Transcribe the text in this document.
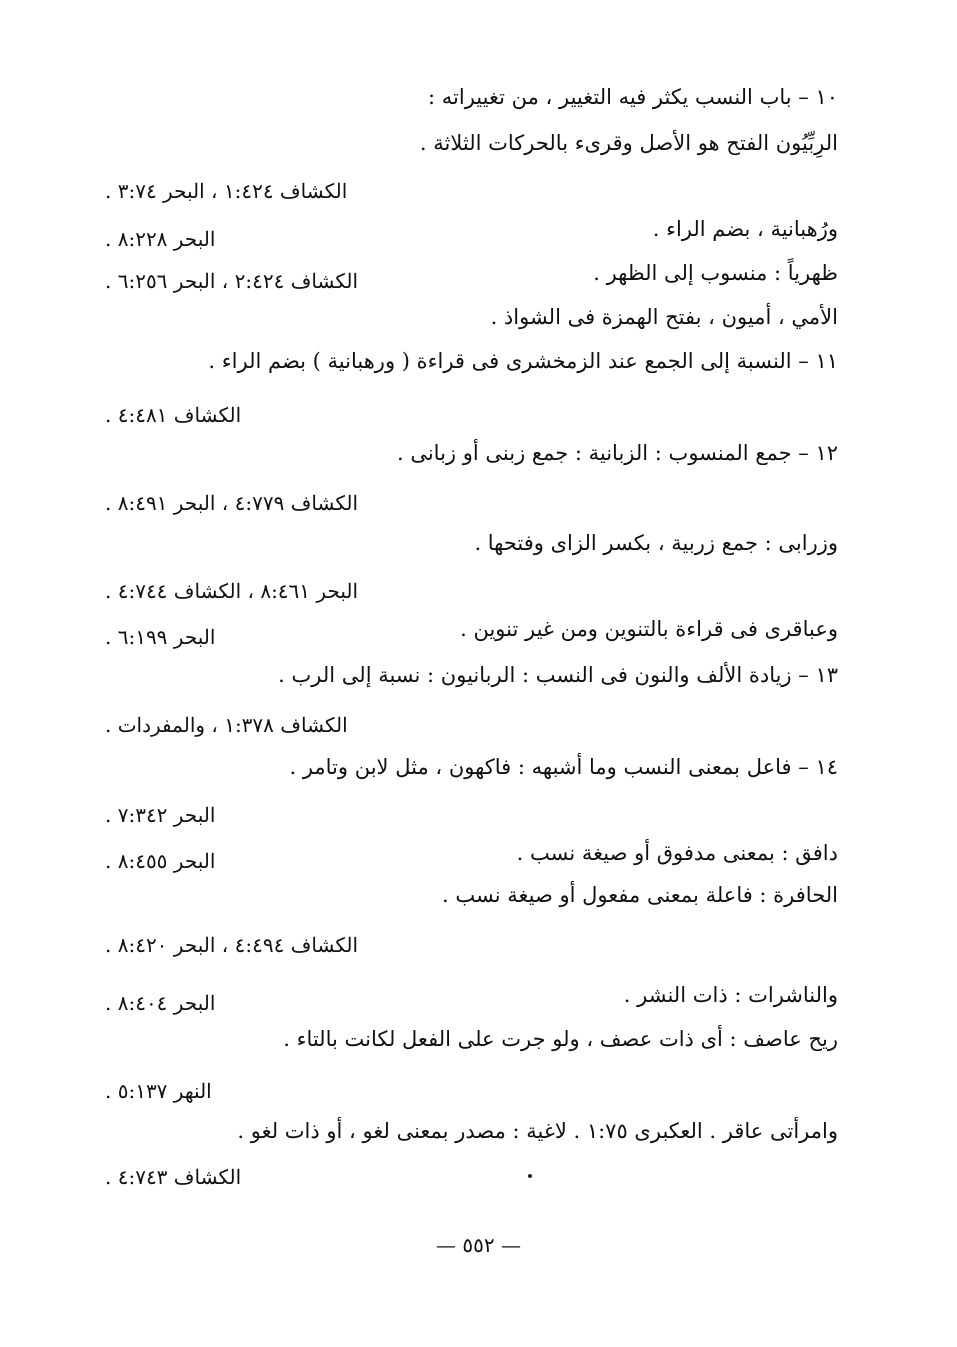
١٠ – باب النسب يكثر فيه التغيير ، من تغييراته :
الرِبِّيُون الفتح هو الأصل وقرىء بالحركات الثلاثة .
الكشاف ١:٤٢٤ ، البحر ٣:٧٤ .
ورُهبانية ، بضم الراء .
البحر ٨:٢٢٨ .
ظهرياً : منسوب إلى الظهر .
الكشاف ٢:٤٢٤ ، البحر ٦:٢٥٦ .
الأمي ، أميون ، بفتح الهمزة فى الشواذ .
١١ – النسبة إلى الجمع عند الزمخشرى فى قراءة ( ورهبانية ) بضم الراء .
الكشاف ٤:٤٨١ .
١٢ – جمع المنسوب : الزبانية : جمع زبنى أو زبانى .
الكشاف ٤:٧٧٩ ، البحر ٨:٤٩١ .
وزرابى : جمع زربية ، بكسر الزاى وفتحها .
البحر ٨:٤٦١ ، الكشاف ٤:٧٤٤ .
وعباقرى فى قراءة بالتنوين ومن غير تنوين .
البحر ٦:١٩٩ .
١٣ – زيادة الألف والنون فى النسب : الربانيون : نسبة إلى الرب .
الكشاف ١:٣٧٨ ، والمفردات .
١٤ – فاعل بمعنى النسب وما أشبهه : فاكهون ، مثل لابن وتامر .
البحر ٧:٣٤٢ .
دافق : بمعنى مدفوق أو صيغة نسب .
البحر ٨:٤٥٥ .
الحافرة : فاعلة بمعنى مفعول أو صيغة نسب .
الكشاف ٤:٤٩٤ ، البحر ٨:٤٢٠ .
والناشرات : ذات النشر .
البحر ٨:٤٠٤ .
ريح عاصف : أى ذات عصف ، ولو جرت على الفعل لكانت بالتاء .
النهر ٥:١٣٧ .
وامرأتى عاقر . العكبرى ١:٧٥ . لاغية : مصدر بمعنى لغو ، أو ذات لغو .
الكشاف ٤:٧٤٣ .
— ٥٥٢ —
